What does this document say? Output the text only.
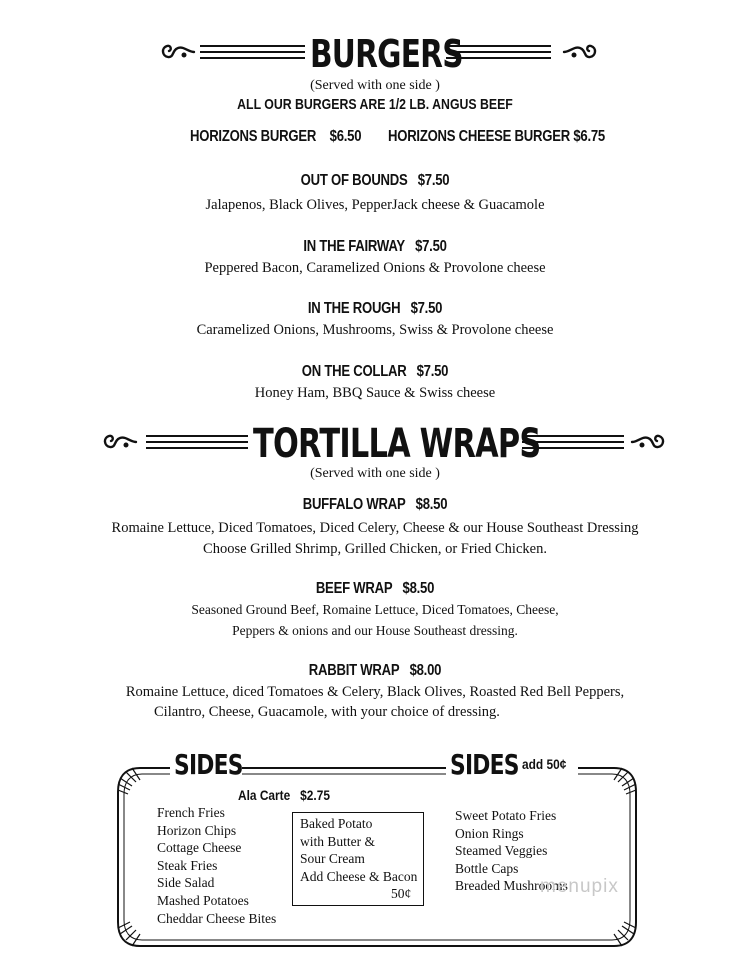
BURGERS
(Served with one side )
ALL OUR BURGERS ARE 1/2 LB. ANGUS BEEF
HORIZONS BURGER $6.50 HORIZONS CHEESE BURGER $6.75
OUT OF BOUNDS $7.50
Jalapenos, Black Olives, PepperJack cheese & Guacamole
IN THE FAIRWAY $7.50
Peppered Bacon, Caramelized Onions & Provolone cheese
IN THE ROUGH $7.50
Caramelized Onions, Mushrooms, Swiss & Provolone cheese
ON THE COLLAR $7.50
Honey Ham, BBQ Sauce & Swiss cheese
TORTILLA WRAPS
(Served with one side )
BUFFALO WRAP $8.50
Romaine Lettuce, Diced Tomatoes, Diced Celery, Cheese & our House Southeast Dressing
Choose Grilled Shrimp, Grilled Chicken, or Fried Chicken.
BEEF WRAP $8.50
Seasoned Ground Beef, Romaine Lettuce, Diced Tomatoes, Cheese,
Peppers & onions and our House Southeast dressing.
RABBIT WRAP $8.00
Romaine Lettuce, diced Tomatoes & Celery, Black Olives, Roasted Red Bell Peppers,
Cilantro, Cheese, Guacamole, with your choice of dressing.
SIDES	SIDES add 50¢
Ala Carte $2.75
French Fries
Horizon Chips
Cottage Cheese
Steak Fries
Side Salad
Mashed Potatoes
Cheddar Cheese Bites
Baked Potato
with Butter &
Sour Cream
Add Cheese & Bacon
50¢
Sweet Potato Fries
Onion Rings
Steamed Veggies
Bottle Caps
Breaded Mushrooms
menupix
